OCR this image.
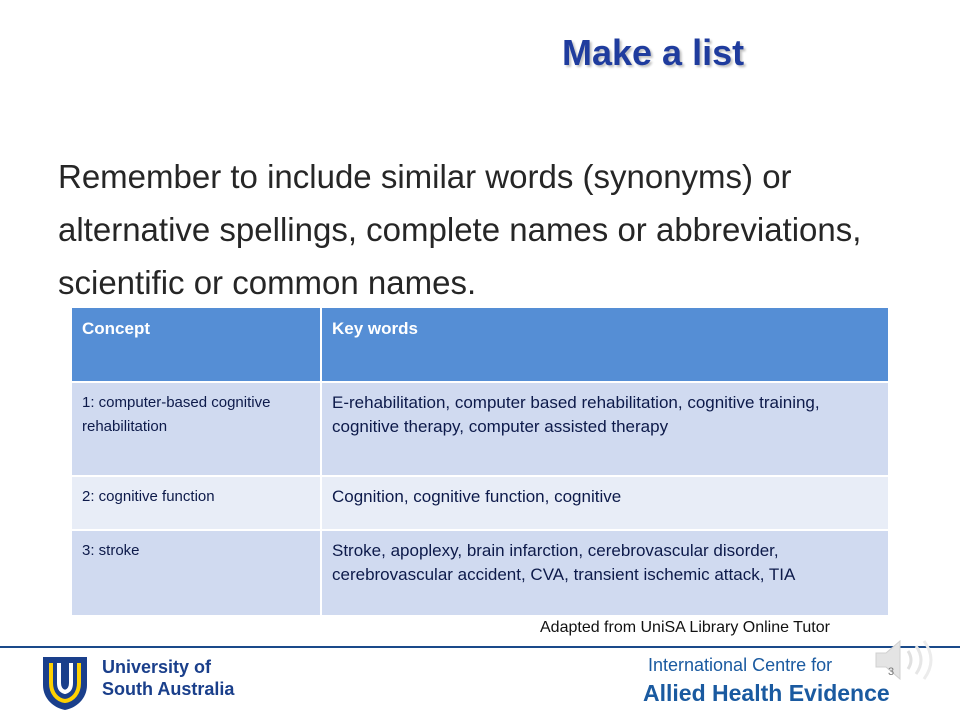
Make a list
Remember to include similar words (synonyms) or alternative spellings, complete names or abbreviations, scientific or common names.
Concept	Key words
1: computer-based cognitive rehabilitation	E-rehabilitation, computer based rehabilitation, cognitive training, cognitive therapy, computer assisted therapy
2: cognitive function	Cognition, cognitive function, cognitive
3: stroke	Stroke, apoplexy, brain infarction, cerebrovascular disorder, cerebrovascular accident, CVA, transient ischemic attack, TIA
Adapted from UniSA Library Online Tutor
University of
South Australia
International Centre for
Allied Health Evidence
3
